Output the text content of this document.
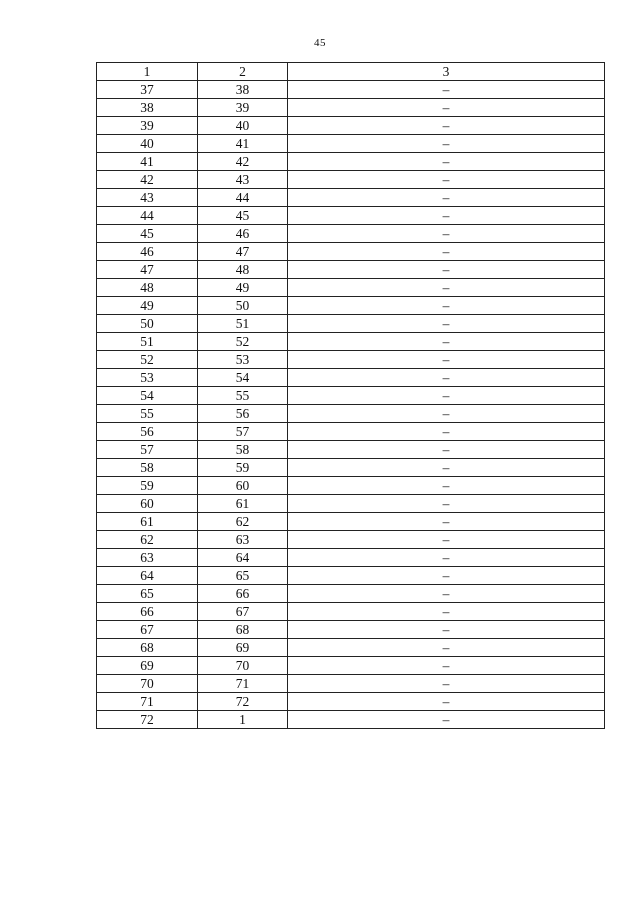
45
1	2	3
37	38	–
38	39	–
39	40	–
40	41	–
41	42	–
42	43	–
43	44	–
44	45	–
45	46	–
46	47	–
47	48	–
48	49	–
49	50	–
50	51	–
51	52	–
52	53	–
53	54	–
54	55	–
55	56	–
56	57	–
57	58	–
58	59	–
59	60	–
60	61	–
61	62	–
62	63	–
63	64	–
64	65	–
65	66	–
66	67	–
67	68	–
68	69	–
69	70	–
70	71	–
71	72	–
72	1	–
